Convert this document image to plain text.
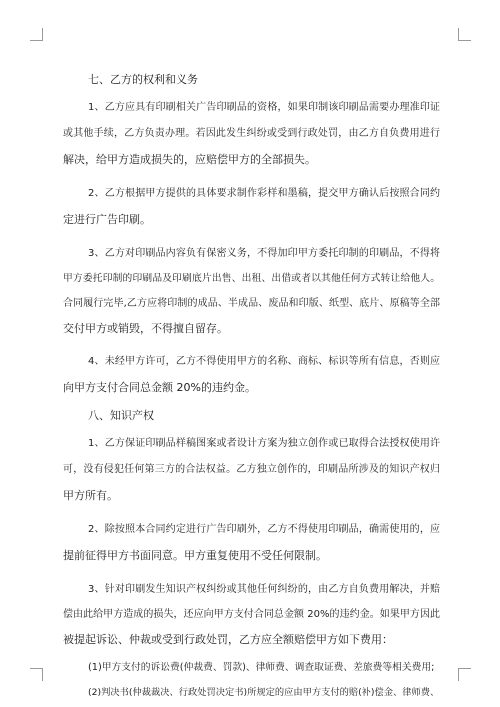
七、乙方的权利和义务
1、乙方应具有印刷相关广告印刷品的资格，如果印制该印刷品需要办理准印证
或其他手续，乙方负责办理。若因此发生纠纷或受到行政处罚，由乙方自负费用进行
解决，给甲方造成损失的，应赔偿甲方的全部损失。
2、乙方根据甲方提供的具体要求制作彩样和墨稿，提交甲方确认后按照合同约
定进行广告印刷。
3、乙方对印刷品内容负有保密义务，不得加印甲方委托印制的印刷品，不得将
甲方委托印制的印刷品及印刷底片出售、出租、出借或者以其他任何方式转让给他人。
合同履行完毕,乙方应将印制的成品、半成品、废品和印版、纸型、底片、原稿等全部
交付甲方或销毁，不得擅自留存。
4、未经甲方许可，乙方不得使用甲方的名称、商标、标识等所有信息，否则应
向甲方支付合同总金额 20%的违约金。
八、知识产权
1、乙方保证印刷品样稿图案或者设计方案为独立创作或已取得合法授权使用许
可，没有侵犯任何第三方的合法权益。乙方独立创作的，印刷品所涉及的知识产权归
甲方所有。
2、除按照本合同约定进行广告印刷外，乙方不得使用印刷品，确需使用的，应
提前征得甲方书面同意。甲方重复使用不受任何限制。
3、针对印刷发生知识产权纠纷或其他任何纠纷的，由乙方自负费用解决，并赔
偿由此给甲方造成的损失，还应向甲方支付合同总金额 20%的违约金。如果甲方因此
被提起诉讼、仲裁或受到行政处罚，乙方应全额赔偿甲方如下费用：
(1)甲方支付的诉讼费(仲裁费、罚款)、律师费、调查取证费、差旅费等相关费用;
(2)判决书(仲裁裁决、行政处罚决定书)所规定的应由甲方支付的赔(补)偿金、律师费、
